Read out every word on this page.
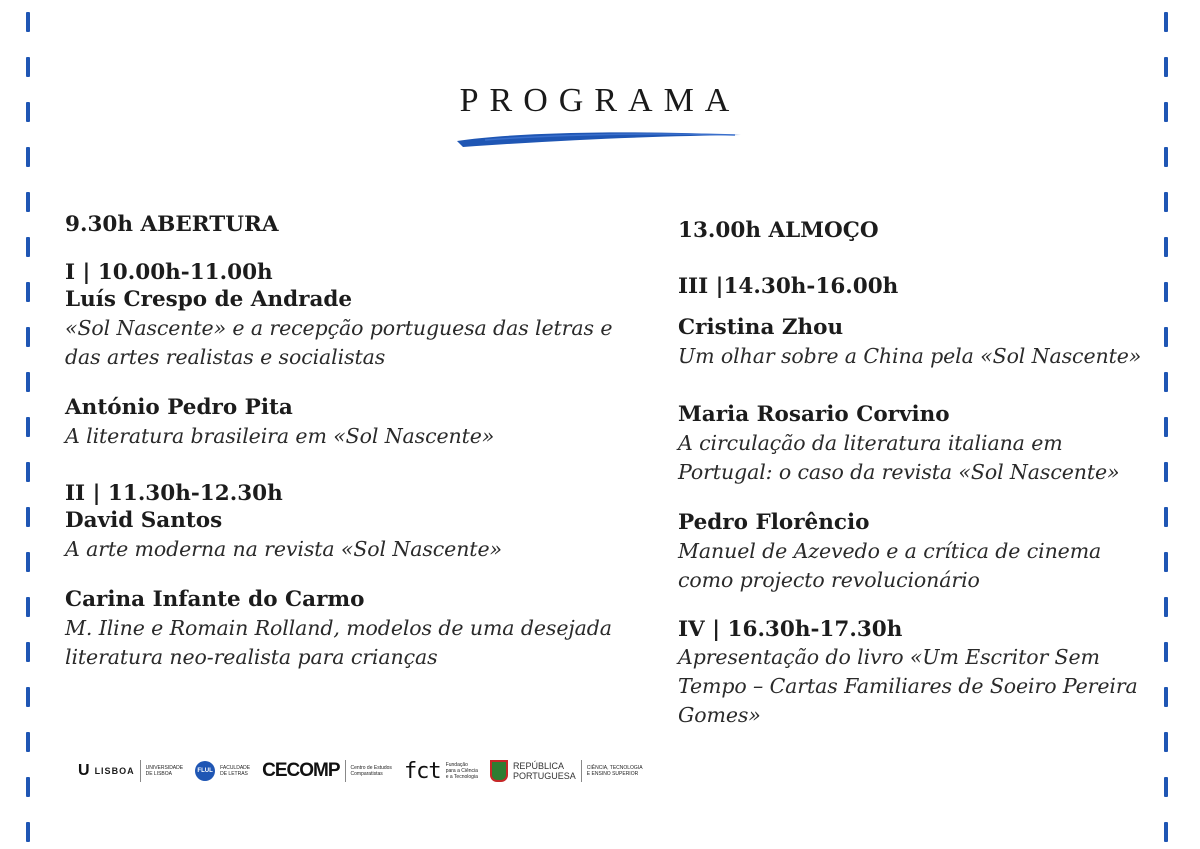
PROGRAMA
9.30h ABERTURA
I | 10.00h-11.00h
Luís Crespo de Andrade
«Sol Nascente» e a recepção portuguesa das letras e
das artes realistas e socialistas
António Pedro Pita
A literatura brasileira em «Sol Nascente»
II | 11.30h-12.30h
David Santos
A arte moderna na revista «Sol Nascente»
Carina Infante do Carmo
M. Iline e Romain Rolland, modelos de uma desejada
literatura neo-realista para crianças
13.00h ALMOÇO
III |14.30h-16.00h
Cristina Zhou
Um olhar sobre a China pela «Sol Nascente»
Maria Rosario Corvino
A circulação da literatura italiana em
Portugal: o caso da revista «Sol Nascente»
Pedro Florêncio
Manuel de Azevedo e a crítica de cinema
como projecto revolucionário
IV | 16.30h-17.30h
Apresentação do livro «Um Escritor Sem
Tempo – Cartas Familiares de Soeiro Pereira
Gomes»
U LISBOA UNIVERSIDADE
DE LISBOA	FLUL	FACULDADE
DE LETRAS CECOMP Centro de Estudos
Comparatistas fct Fundação
para a Ciência
e a Tecnologia
REPÚBLICA
PORTUGUESA
CIÊNCIA, TECNOLOGIA
E ENSINO SUPERIOR
